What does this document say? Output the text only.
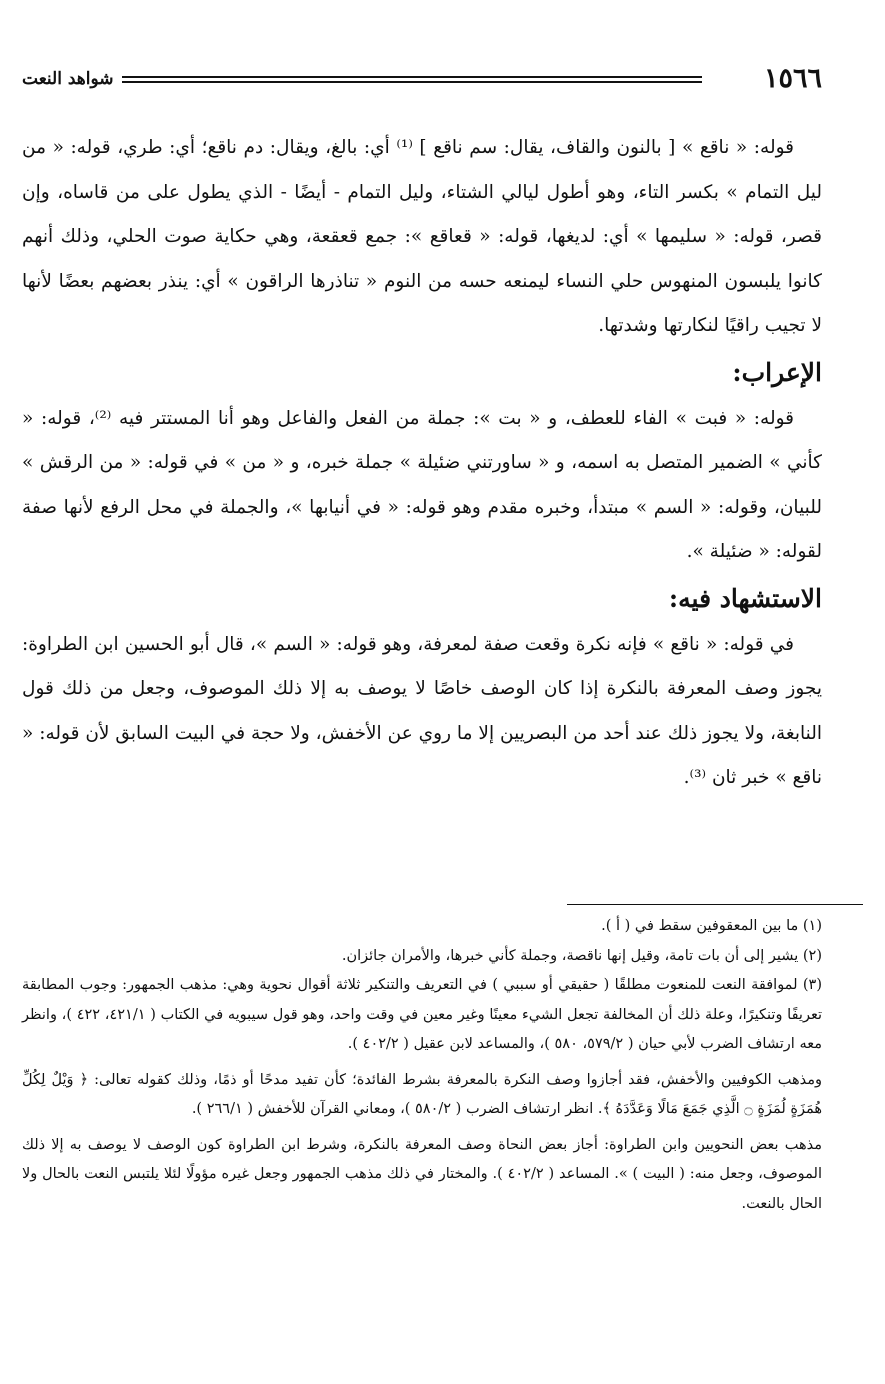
١٥٦٦
شواهد النعت

قوله: « ناقع » [ بالنون والقاف، يقال: سم ناقع ] ⁽¹⁾ أي: بالغ، ويقال: دم ناقع؛ أي: طري، قوله: « من ليل التمام » بكسر التاء، وهو أطول ليالي الشتاء، وليل التمام - أيضًا - الذي يطول على من قاساه، وإن قصر، قوله: « سليمها » أي: لديغها، قوله: « قعاقع »: جمع قعقعة، وهي حكاية صوت الحلي، وذلك أنهم كانوا يلبسون المنهوس حلي النساء ليمنعه حسه من النوم « تناذرها الراقون » أي: ينذر بعضهم بعضًا لأنها لا تجيب راقيًا لنكارتها وشدتها.

الإعراب:

قوله: « فبت » الفاء للعطف، و « بت »: جملة من الفعل والفاعل وهو أنا المستتر فيه ⁽²⁾، قوله: « كأني » الضمير المتصل به اسمه، و « ساورتني ضئيلة » جملة خبره، و « من » في قوله: « من الرقش » للبيان، وقوله: « السم » مبتدأ، وخبره مقدم وهو قوله: « في أنيابها »، والجملة في محل الرفع لأنها صفة لقوله: « ضئيلة ».

الاستشهاد فيه:

في قوله: « ناقع » فإنه نكرة وقعت صفة لمعرفة، وهو قوله: « السم »، قال أبو الحسين ابن الطراوة: يجوز وصف المعرفة بالنكرة إذا كان الوصف خاصًا لا يوصف به إلا ذلك الموصوف، وجعل من ذلك قول النابغة، ولا يجوز ذلك عند أحد من البصريين إلا ما روي عن الأخفش، ولا حجة في البيت السابق لأن قوله: « ناقع » خبر ثان ⁽³⁾.

(١) ما بين المعقوفين سقط في ( أ ).

(٢) يشير إلى أن بات تامة، وقيل إنها ناقصة، وجملة كأني خبرها، والأمران جائزان.

(٣) لموافقة النعت للمنعوت مطلقًا ( حقيقي أو سببي ) في التعريف والتنكير ثلاثة أقوال نحوية وهي: مذهب الجمهور: وجوب المطابقة تعريفًا وتنكيرًا، وعلة ذلك أن المخالفة تجعل الشيء معينًا وغير معين في وقت واحد، وهو قول سيبويه في الكتاب ( ٤٢١/١، ٤٢٢ )، وانظر معه ارتشاف الضرب لأبي حيان ( ٥٧٩/٢، ٥٨٠ )، والمساعد لابن عقيل ( ٤٠٢/٢ ).

ومذهب الكوفيين والأخفش، فقد أجازوا وصف النكرة بالمعرفة بشرط الفائدة؛ كأن تفيد مدحًا أو ذمًا، وذلك كقوله تعالى: ﴿ وَيْلٌ لِكُلِّ هُمَزَةٍ لُمَزَةٍ ۝ الَّذِي جَمَعَ مَالًا وَعَدَّدَهُ ﴾. انظر ارتشاف الضرب ( ٥٨٠/٢ )، ومعاني القرآن للأخفش ( ٢٦٦/١ ).

مذهب بعض النحويين وابن الطراوة: أجاز بعض النحاة وصف المعرفة بالنكرة، وشرط ابن الطراوة كون الوصف لا يوصف به إلا ذلك الموصوف، وجعل منه: ( البيت ) ». المساعد ( ٤٠٢/٢ ). والمختار في ذلك مذهب الجمهور وجعل غيره مؤولًا لئلا يلتبس النعت بالحال ولا الحال بالنعت.
